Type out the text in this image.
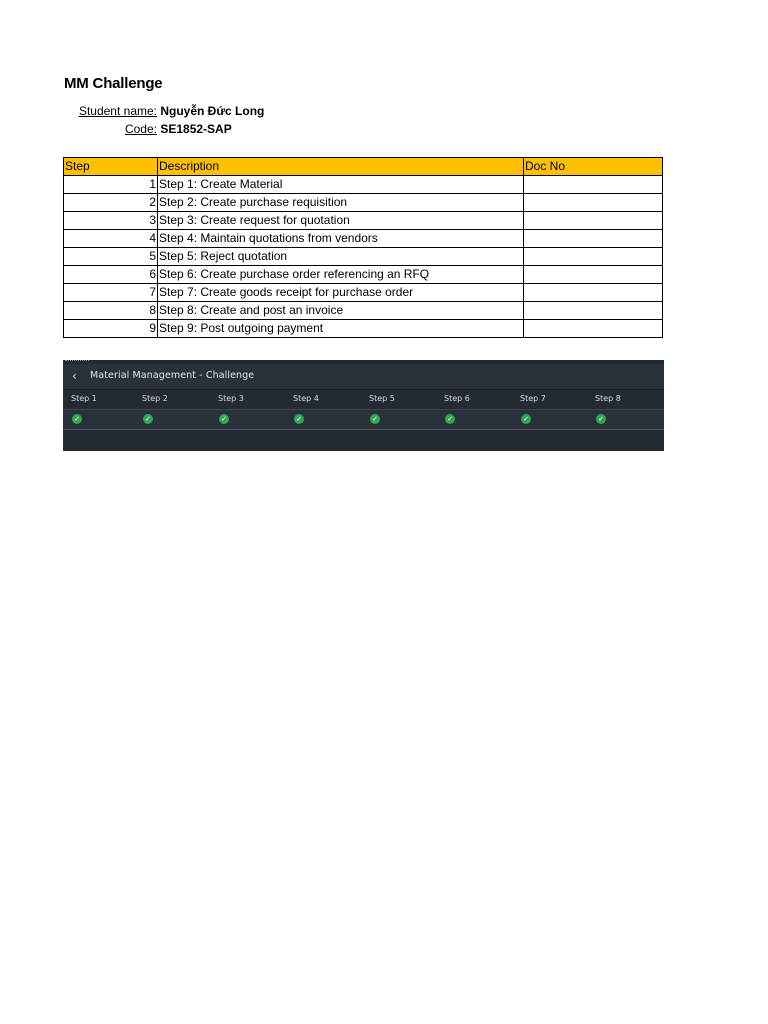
MM Challenge
Student name: Nguyễn Đức Long
Code: SE1852-SAP
Step	Description	Doc No
1	Step 1: Create Material	
2	Step 2: Create purchase requisition	
3	Step 3: Create request for quotation	
4	Step 4: Maintain quotations from vendors	
5	Step 5: Reject quotation	
6	Step 6: Create purchase order referencing an RFQ	
7	Step 7: Create goods receipt for purchase order	
8	Step 8: Create and post an invoice	
9	Step 9: Post outgoing payment	
‹ Material Management - Challenge
Step 1	Step 2	Step 3	Step 4	Step 5	Step 6	Step 7	Step 8
✓	✓	✓	✓	✓	✓	✓	✓
